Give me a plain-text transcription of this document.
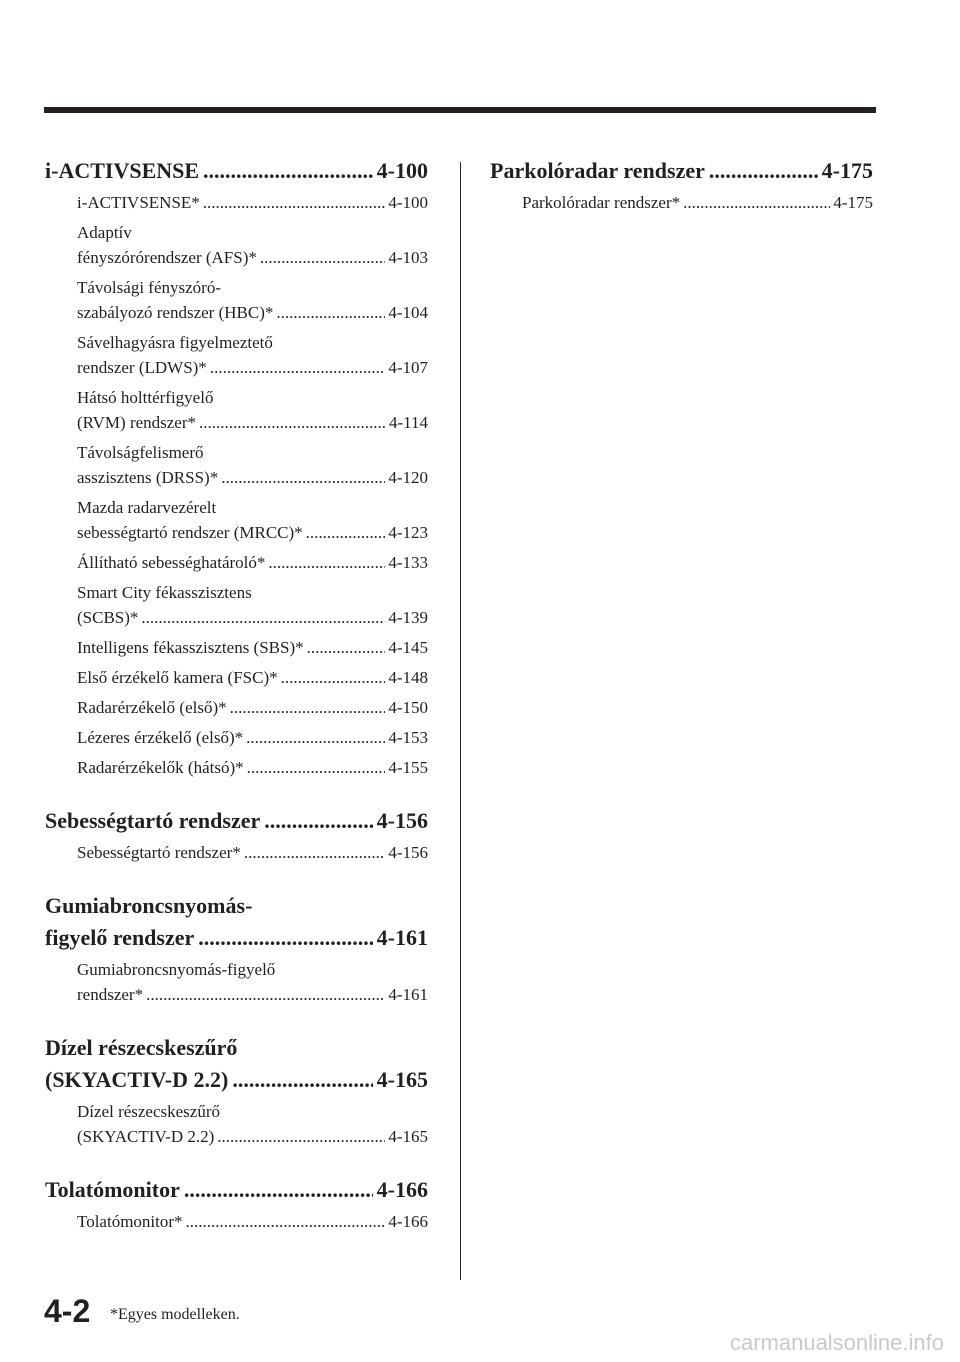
i-ACTIVSENSE .....	4-100
i-ACTIVSENSE* .....	4-100
Adaptív
fényszórórendszer (AFS)* .....	4-103
Távolsági fényszóró-
szabályozó rendszer (HBC)* .....	4-104
Sávelhagyásra figyelmeztető
rendszer (LDWS)* .....	4-107
Hátsó holttérfigyelő
(RVM) rendszer* .....	4-114
Távolságfelismerő
asszisztens (DRSS)* .....	4-120
Mazda radarvezérelt
sebességtartó rendszer (MRCC)* .....	4-123
Állítható sebességhatároló* .....	4-133
Smart City fékasszisztens
(SCBS)* .....	4-139
Intelligens fékasszisztens (SBS)* .....	4-145
Első érzékelő kamera (FSC)* .....	4-148
Radarérzékelő (első)* .....	4-150
Lézeres érzékelő (első)* .....	4-153
Radarérzékelők (hátsó)* .....	4-155
Sebességtartó rendszer .....	4-156
Sebességtartó rendszer* .....	4-156
Gumiabroncsnyomás-
figyelő rendszer .....	4-161
Gumiabroncsnyomás-figyelő
rendszer* .....	4-161
Dízel részecskeszűrő
(SKYACTIV-D 2.2) .....	4-165
Dízel részecskeszűrő
(SKYACTIV-D 2.2) .....	4-165
Tolatómonitor .....	4-166
Tolatómonitor* .....	4-166
Parkolóradar rendszer .....	4-175
Parkolóradar rendszer* .....	4-175
4-2 *Egyes modelleken.
carmanualsonline.info
